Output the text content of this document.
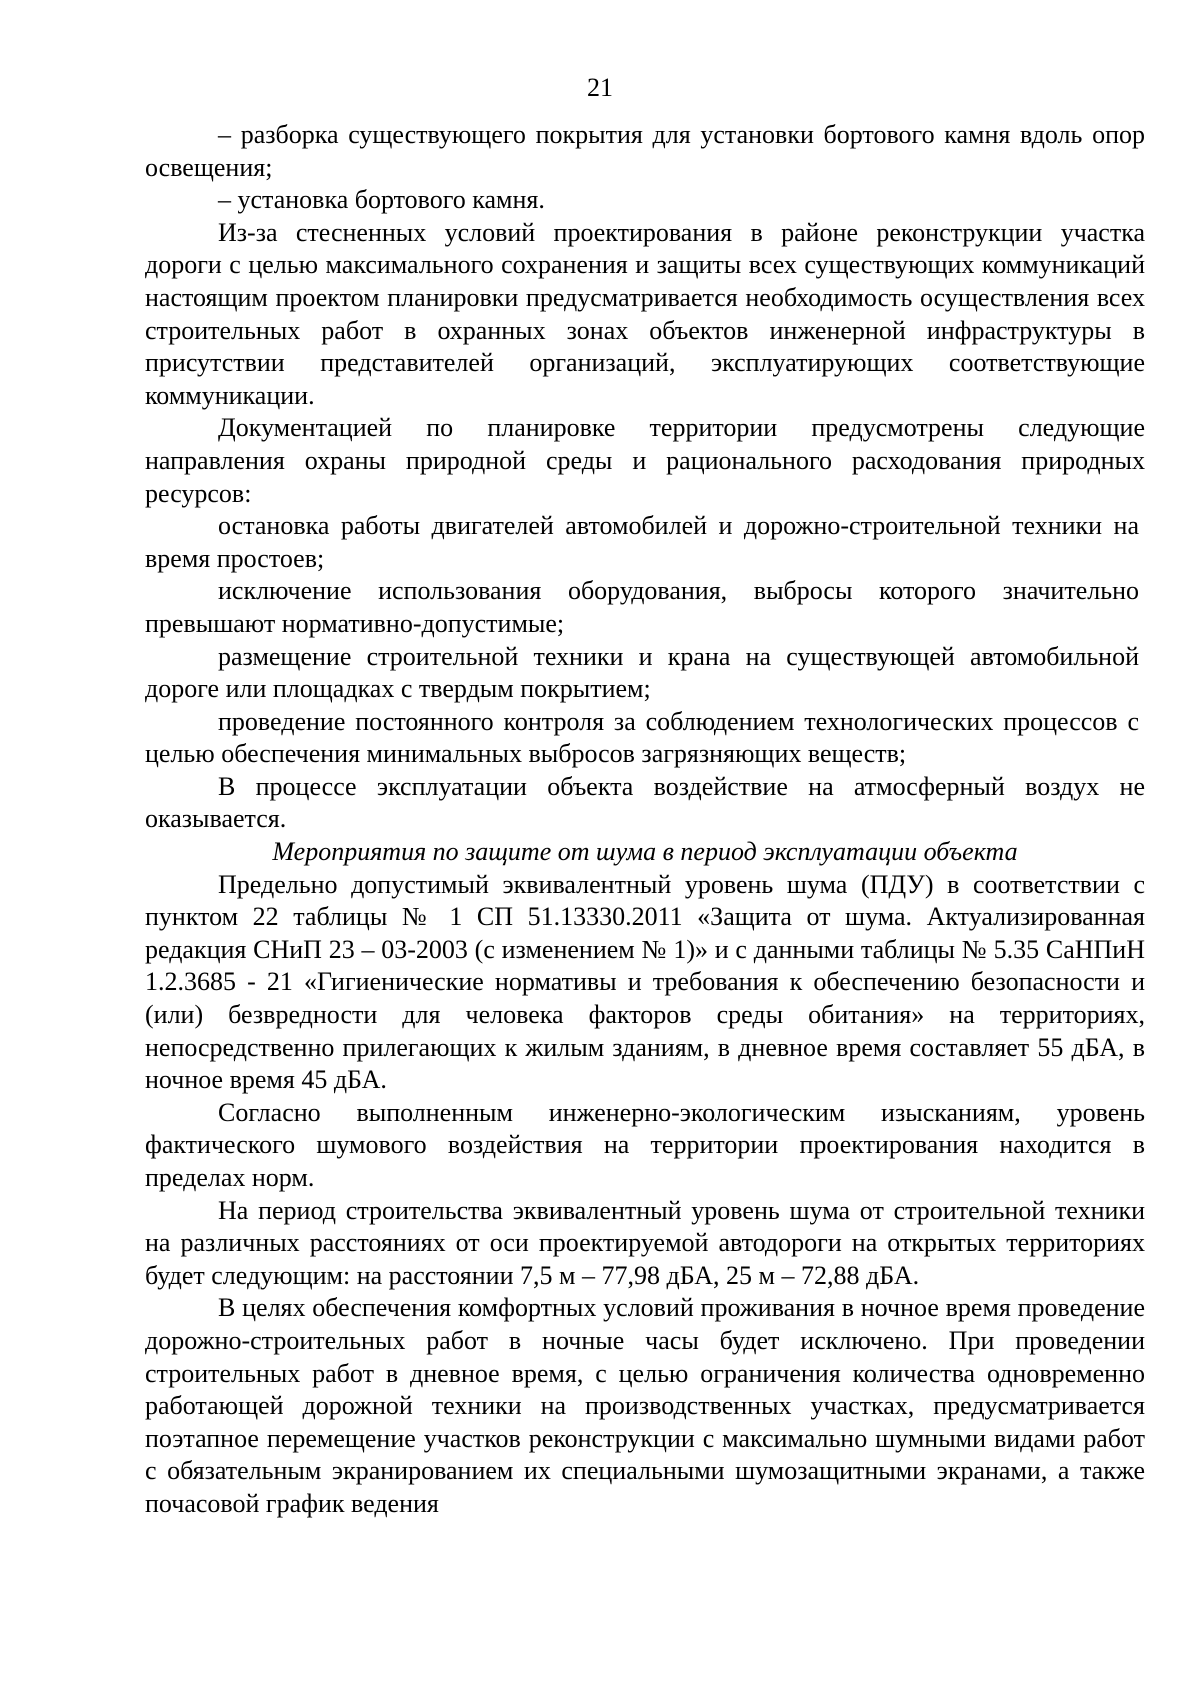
21

– разборка существующего покрытия для установки бортового камня вдоль опор освещения;

– установка бортового камня.

Из-за стесненных условий проектирования в районе реконструкции участка дороги с целью максимального сохранения и защиты всех существующих коммуникаций настоящим проектом планировки предусматривается необходимость осуществления всех строительных работ в охранных зонах объектов инженерной инфраструктуры в присутствии представителей организаций, эксплуатирующих соответствующие коммуникации.

Документацией по планировке территории предусмотрены следующие направления охраны природной среды и рационального расходования природных ресурсов:

остановка работы двигателей автомобилей и дорожно-строительной техники на время простоев;

исключение использования оборудования, выбросы которого значительно превышают нормативно-допустимые;

размещение строительной техники и крана на существующей автомобильной дороге или площадках с твердым покрытием;

проведение постоянного контроля за соблюдением технологических процессов с целью обеспечения минимальных выбросов загрязняющих веществ;

В процессе эксплуатации объекта воздействие на атмосферный воздух не оказывается.

Мероприятия по защите от шума в период эксплуатации объекта

Предельно допустимый эквивалентный уровень шума (ПДУ) в соответствии с пунктом 22 таблицы № 1 СП 51.13330.2011 «Защита от шума. Актуализированная редакция СНиП 23 – 03-2003 (с изменением № 1)» и с данными таблицы № 5.35 СаНПиН 1.2.3685 - 21 «Гигиенические нормативы и требования к обеспечению безопасности и (или) безвредности для человека факторов среды обитания» на территориях, непосредственно прилегающих к жилым зданиям, в дневное время составляет 55 дБА, в ночное время 45 дБА.

Согласно выполненным инженерно-экологическим изысканиям, уровень фактического шумового воздействия на территории проектирования находится в пределах норм.

На период строительства эквивалентный уровень шума от строительной техники на различных расстояниях от оси проектируемой автодороги на открытых территориях будет следующим: на расстоянии 7,5 м – 77,98 дБА, 25 м – 72,88 дБА.

В целях обеспечения комфортных условий проживания в ночное время проведение дорожно-строительных работ в ночные часы будет исключено. При проведении строительных работ в дневное время, с целью ограничения количества одновременно работающей дорожной техники на производственных участках, предусматривается поэтапное перемещение участков реконструкции с максимально шумными видами работ с обязательным экранированием их специальными шумозащитными экранами, а также почасовой график ведения
